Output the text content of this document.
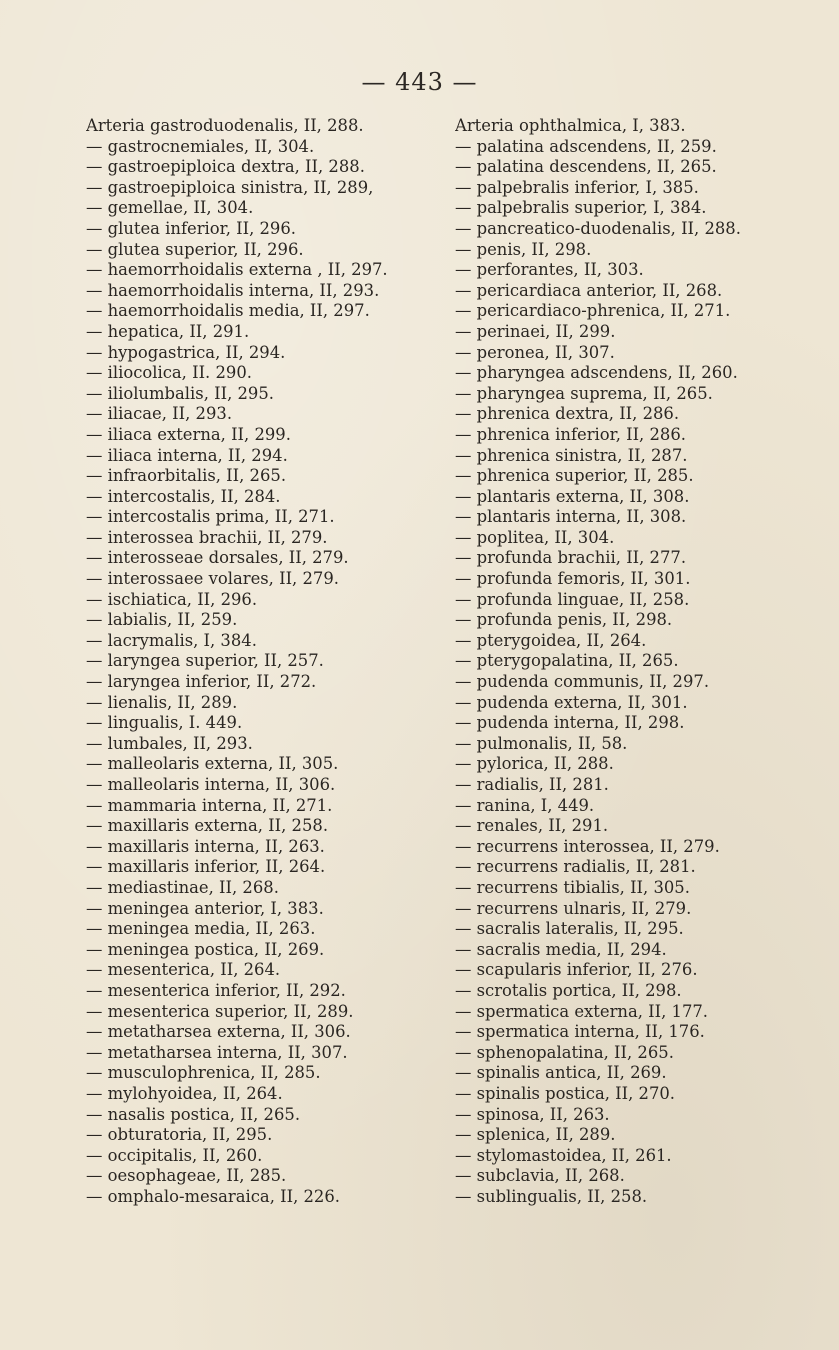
— 443 —
Arteria gastroduodenalis, II, 288.
— gastrocnemiales, II, 304.
— gastroepiploica dextra, II, 288.
— gastroepiploica sinistra, II, 289,
— gemellae, II, 304.
— glutea inferior, II, 296.
— glutea superior, II, 296.
— haemorrhoidalis externa , II, 297.
— haemorrhoidalis interna, II, 293.
— haemorrhoidalis media, II, 297.
— hepatica, II, 291.
— hypogastrica, II, 294.
— iliocolica, II. 290.
— iliolumbalis, II, 295.
— iliacae, II, 293.
— iliaca externa, II, 299.
— iliaca interna, II, 294.
— infraorbitalis, II, 265.
— intercostalis, II, 284.
— intercostalis prima, II, 271.
— interossea brachii, II, 279.
— interosseae dorsales, II, 279.
— interossaee volares, II, 279.
— ischiatica, II, 296.
— labialis, II, 259.
— lacrymalis, I, 384.
— laryngea superior, II, 257.
— laryngea inferior, II, 272.
— lienalis, II, 289.
— lingualis, I. 449.
— lumbales, II, 293.
— malleolaris externa, II, 305.
— malleolaris interna, II, 306.
— mammaria interna, II, 271.
— maxillaris externa, II, 258.
— maxillaris interna, II, 263.
— maxillaris inferior, II, 264.
— mediastinae, II, 268.
— meningea anterior, I, 383.
— meningea media, II, 263.
— meningea postica, II, 269.
— mesenterica, II, 264.
— mesenterica inferior, II, 292.
— mesenterica superior, II, 289.
— metatharsea externa, II, 306.
— metatharsea interna, II, 307.
— musculophrenica, II, 285.
— mylohyoidea, II, 264.
— nasalis postica, II, 265.
— obturatoria, II, 295.
— occipitalis, II, 260.
— oesophageae, II, 285.
— omphalo-mesaraica, II, 226.
Arteria ophthalmica, I, 383.
— palatina adscendens, II, 259.
— palatina descendens, II, 265.
— palpebralis inferior, I, 385.
— palpebralis superior, I, 384.
— pancreatico-duodenalis, II, 288.
— penis, II, 298.
— perforantes, II, 303.
— pericardiaca anterior, II, 268.
— pericardiaco-phrenica, II, 271.
— perinaei, II, 299.
— peronea, II, 307.
— pharyngea adscendens, II, 260.
— pharyngea suprema, II, 265.
— phrenica dextra, II, 286.
— phrenica inferior, II, 286.
— phrenica sinistra, II, 287.
— phrenica superior, II, 285.
— plantaris externa, II, 308.
— plantaris interna, II, 308.
— poplitea, II, 304.
— profunda brachii, II, 277.
— profunda femoris, II, 301.
— profunda linguae, II, 258.
— profunda penis, II, 298.
— pterygoidea, II, 264.
— pterygopalatina, II, 265.
— pudenda communis, II, 297.
— pudenda externa, II, 301.
— pudenda interna, II, 298.
— pulmonalis, II, 58.
— pylorica, II, 288.
— radialis, II, 281.
— ranina, I, 449.
— renales, II, 291.
— recurrens interossea, II, 279.
— recurrens radialis, II, 281.
— recurrens tibialis, II, 305.
— recurrens ulnaris, II, 279.
— sacralis lateralis, II, 295.
— sacralis media, II, 294.
— scapularis inferior, II, 276.
— scrotalis portica, II, 298.
— spermatica externa, II, 177.
— spermatica interna, II, 176.
— sphenopalatina, II, 265.
— spinalis antica, II, 269.
— spinalis postica, II, 270.
— spinosa, II, 263.
— splenica, II, 289.
— stylomastoidea, II, 261.
— subclavia, II, 268.
— sublingualis, II, 258.
